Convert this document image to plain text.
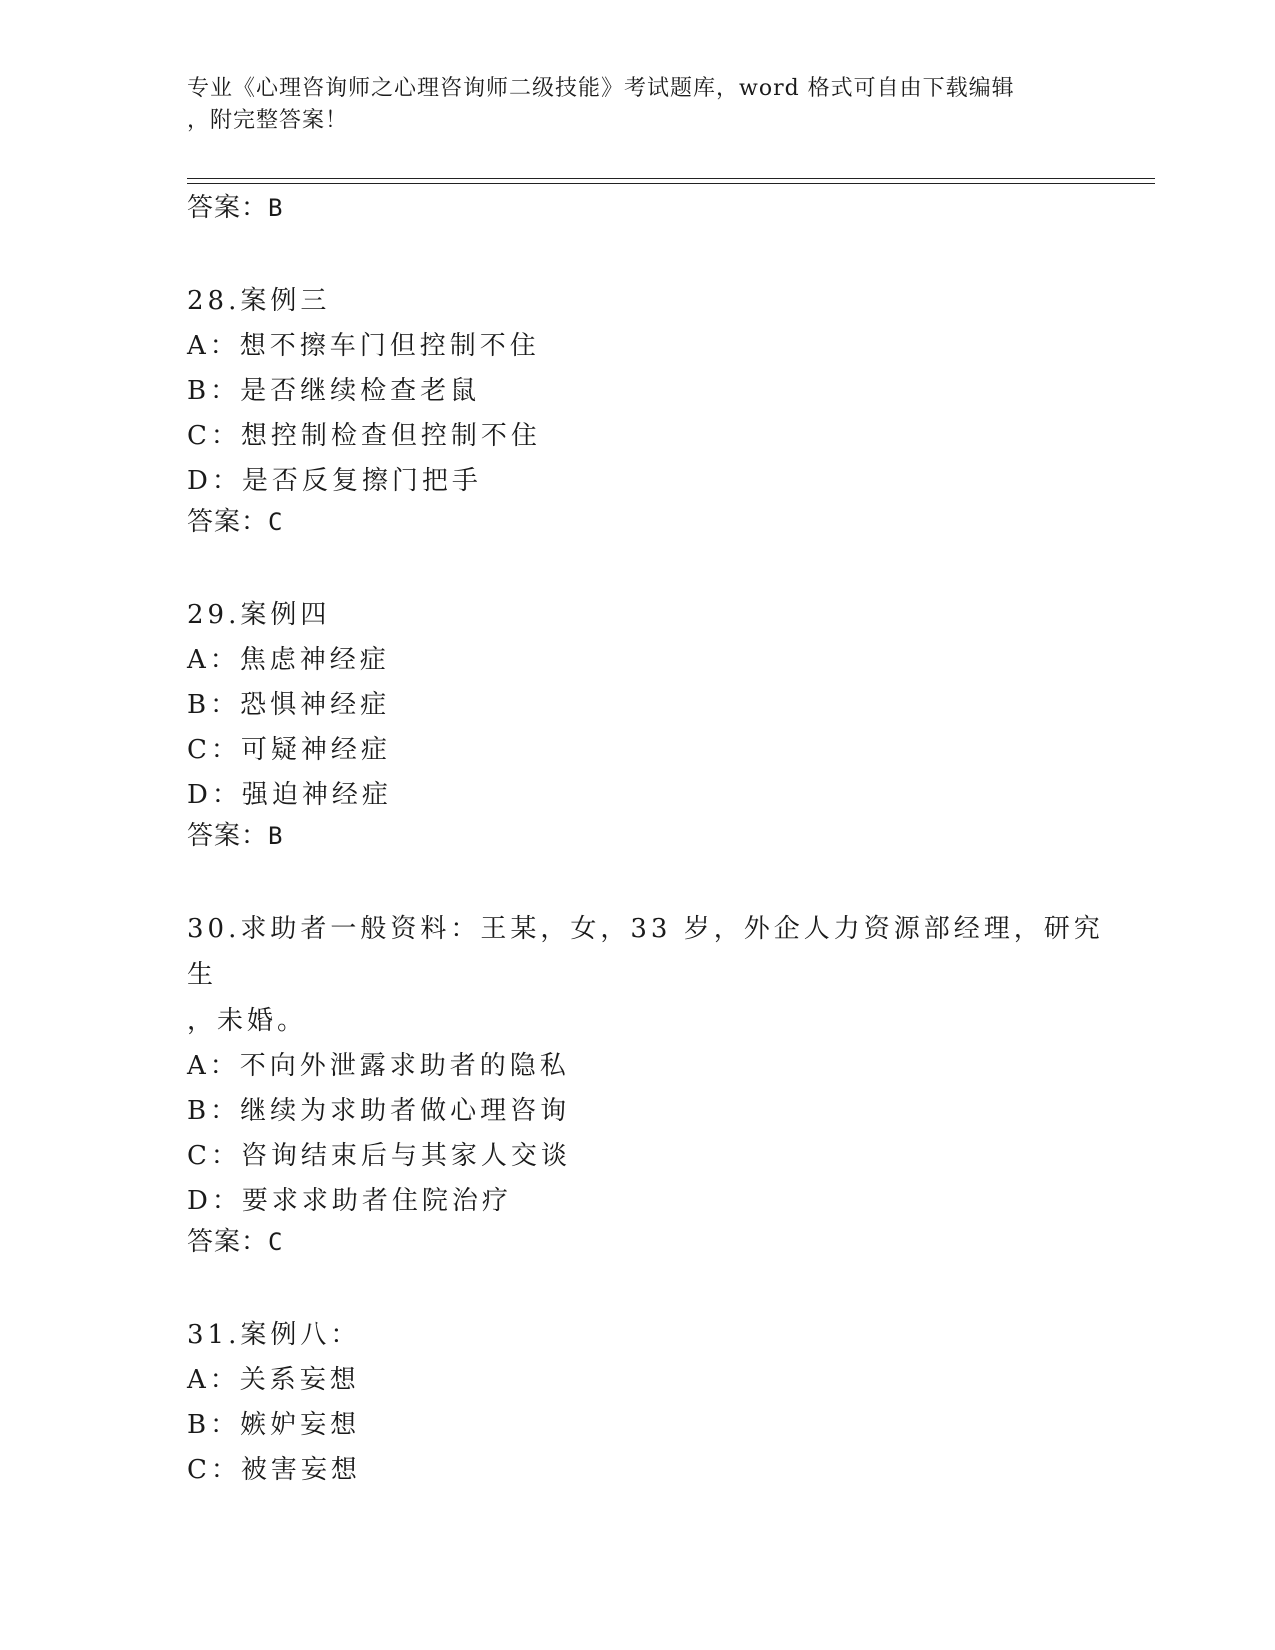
专业《心理咨询师之心理咨询师二级技能》考试题库，word 格式可自由下载编辑
，附完整答案！
答案：B
28.案例三
A：想不擦车门但控制不住
B：是否继续检查老鼠
C：想控制检查但控制不住
D：是否反复擦门把手
答案：C
29.案例四
A：焦虑神经症
B：恐惧神经症
C：可疑神经症
D：强迫神经症
答案：B
30.求助者一般资料：王某，女，33 岁，外企人力资源部经理，研究生
，未婚。
A：不向外泄露求助者的隐私
B：继续为求助者做心理咨询
C：咨询结束后与其家人交谈
D：要求求助者住院治疗
答案：C
31.案例八：
A：关系妄想
B：嫉妒妄想
C：被害妄想
